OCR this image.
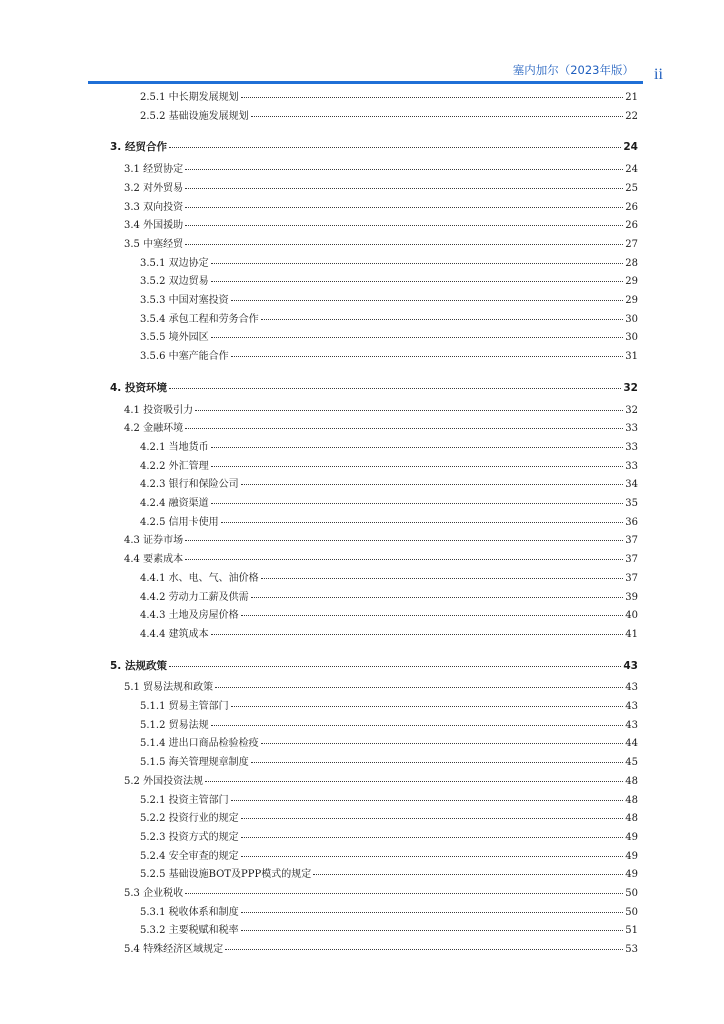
塞内加尔（2023年版） ii
2.5.1 中长期发展规划	21
2.5.2 基础设施发展规划	22
3. 经贸合作	24
3.1 经贸协定	24
3.2 对外贸易	25
3.3 双向投资	26
3.4 外国援助	26
3.5 中塞经贸	27
3.5.1 双边协定	28
3.5.2 双边贸易	29
3.5.3 中国对塞投资	29
3.5.4 承包工程和劳务合作	30
3.5.5 境外园区	30
3.5.6 中塞产能合作	31
4. 投资环境	32
4.1 投资吸引力	32
4.2 金融环境	33
4.2.1 当地货币	33
4.2.2 外汇管理	33
4.2.3 银行和保险公司	34
4.2.4 融资渠道	35
4.2.5 信用卡使用	36
4.3 证券市场	37
4.4 要素成本	37
4.4.1 水、电、气、油价格	37
4.4.2 劳动力工薪及供需	39
4.4.3 土地及房屋价格	40
4.4.4 建筑成本	41
5. 法规政策	43
5.1 贸易法规和政策	43
5.1.1 贸易主管部门	43
5.1.2 贸易法规	43
5.1.4 进出口商品检验检疫	44
5.1.5 海关管理规章制度	45
5.2 外国投资法规	48
5.2.1 投资主管部门	48
5.2.2 投资行业的规定	48
5.2.3 投资方式的规定	49
5.2.4 安全审查的规定	49
5.2.5 基础设施BOT及PPP模式的规定	49
5.3 企业税收	50
5.3.1 税收体系和制度	50
5.3.2 主要税赋和税率	51
5.4 特殊经济区域规定	53
